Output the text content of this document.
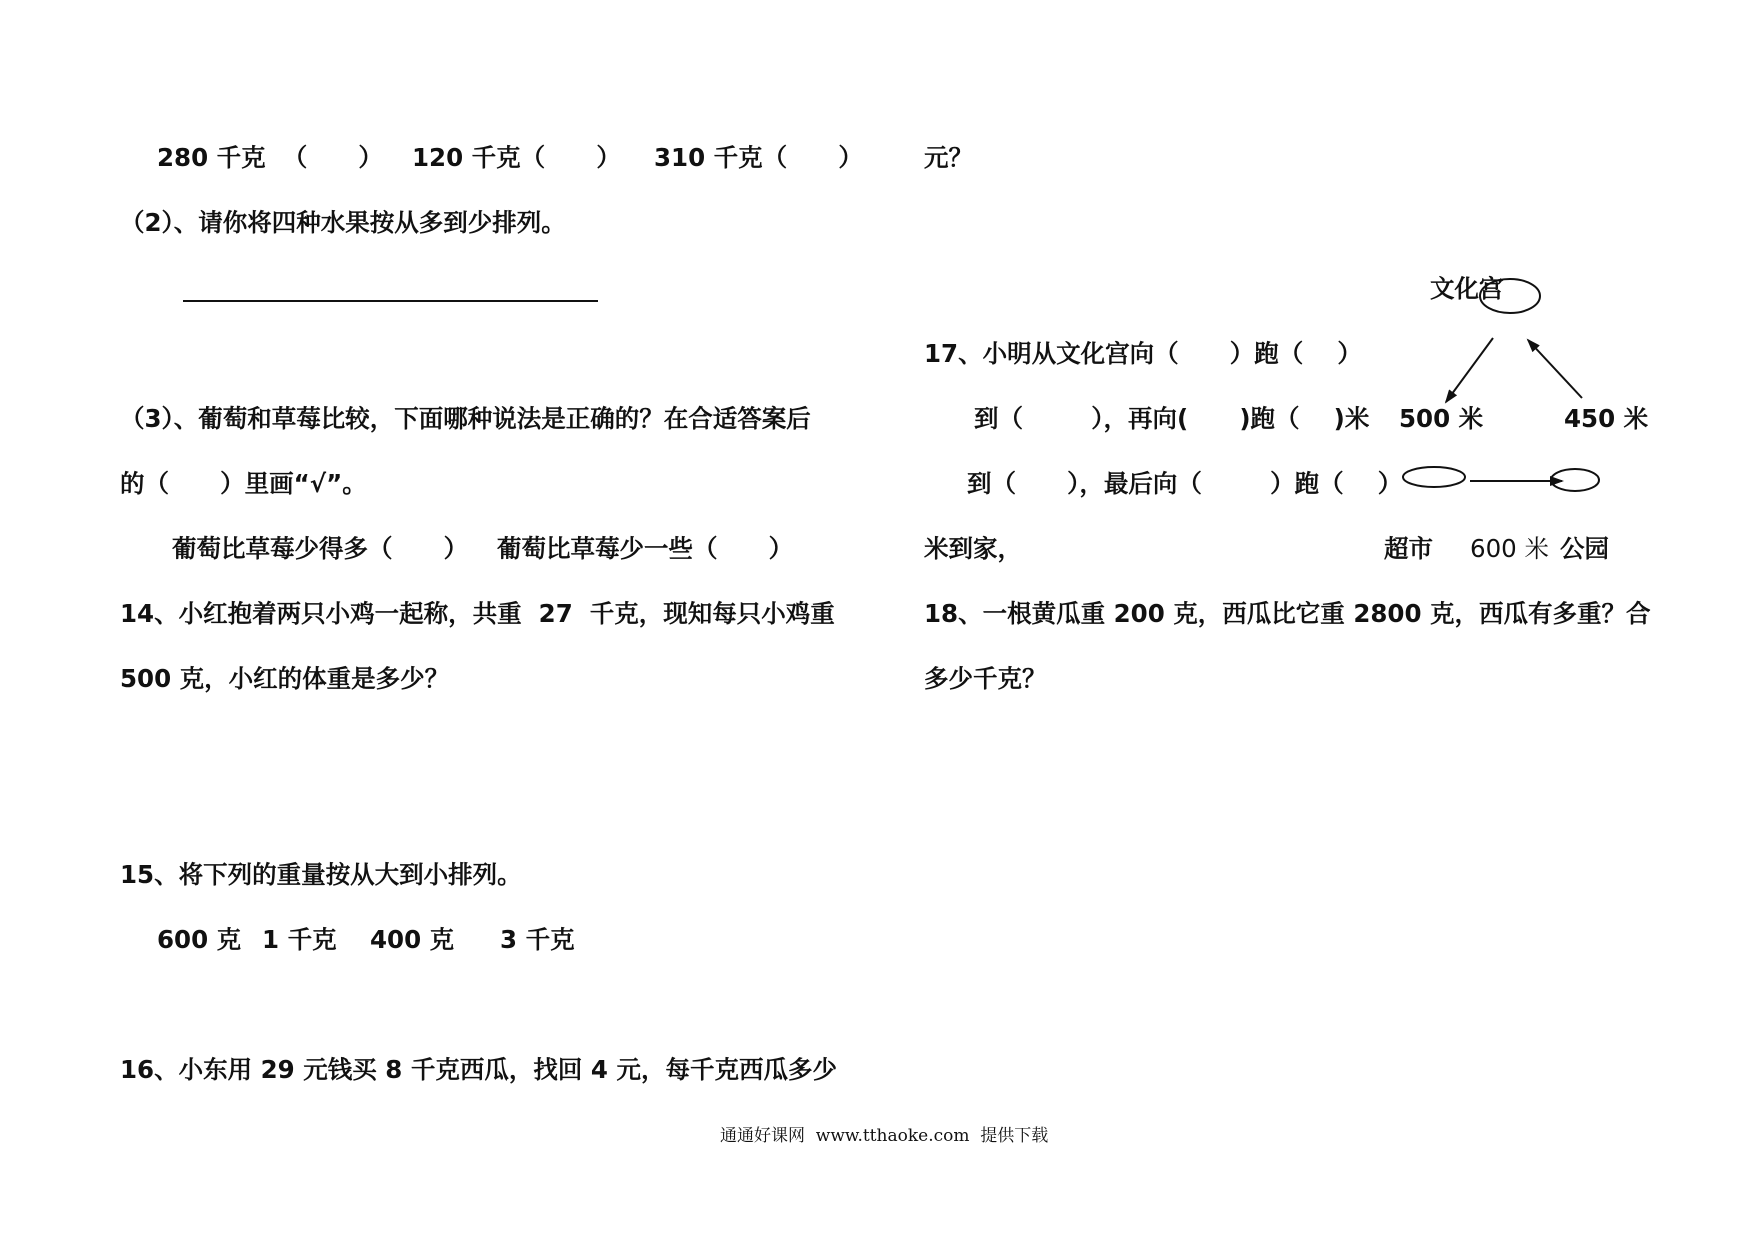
280 千克  （      ） 120 千克（      ） 310 千克（      ）
（2）、请你将四种水果按从多到少排列。
（3）、葡萄和草莓比较，下面哪种说法是正确的？在合适答案后
的（      ）里画“√”。
葡萄比草莓少得多（      ） 葡萄比草莓少一些（      ）
14、小红抱着两只小鸡一起称，共重  27  千克，现知每只小鸡重
500 克，小红的体重是多少？
15、将下列的重量按从大到小排列。
600 克 1 千克 400 克 3 千克
16、小东用 29 元钱买 8 千克西瓜，找回 4 元，每千克西瓜多少
元？
17、小明从文化宫向（      ）跑（    ）
到（        ），再向(      )跑（    )米
到（      ），最后向（        ）跑（    ）
米到家，
18、一根黄瓜重 200 克，西瓜比它重 2800 克，西瓜有多重？合
多少千克？
文化宫
500 米	450 米
超市 600 米 公园
通通好课网  www.tthaoke.com  提供下载
